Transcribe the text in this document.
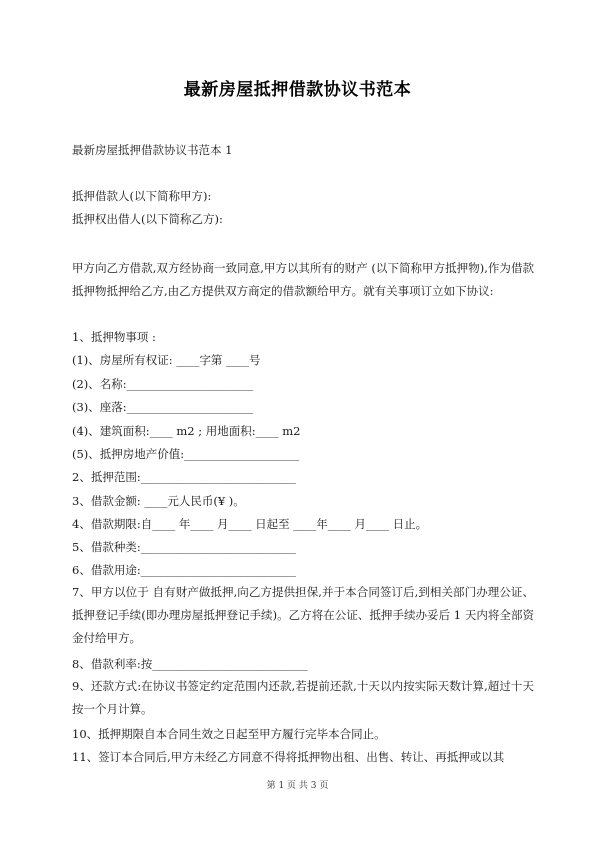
最新房屋抵押借款协议书范本
最新房屋抵押借款协议书范本 1
抵押借款人(以下简称甲方):
抵押权出借人(以下简称乙方):
甲方向乙方借款,双方经协商一致同意,甲方以其所有的财产 (以下简称甲方抵押物),作为借款抵押物抵押给乙方,由乙方提供双方商定的借款额给甲方。就有关事项订立如下协议:
1、抵押物事项 :
(1)、房屋所有权证: ____字第 ____号
(2)、名称:______________________
(3)、座落:______________________
(4)、建筑面积:____ m2 ; 用地面积:____ m2
(5)、抵押房地产价值:____________________
2、抵押范围:___________________________
3、借款金额: ____元人民币(¥ )。
4、借款期限:自____ 年____ 月____ 日起至 ____年____ 月____ 日止。
5、借款种类:___________________________
6、借款用途:___________________________
7、甲方以位于 自有财产做抵押,向乙方提供担保,并于本合同签订后,到相关部门办理公证、抵押登记手续(即办理房屋抵押登记手续)。乙方将在公证、抵押手续办妥后 1 天内将全部资金付给甲方。
8、借款利率:按___________________________
9、还款方式:在协议书签定约定范围内还款,若提前还款,十天以内按实际天数计算,超过十天按一个月计算。
10、抵押期限自本合同生效之日起至甲方履行完毕本合同止。
11、签订本合同后,甲方未经乙方同意不得将抵押物出租、出售、转让、再抵押或以其
第 1 页 共 3 页
